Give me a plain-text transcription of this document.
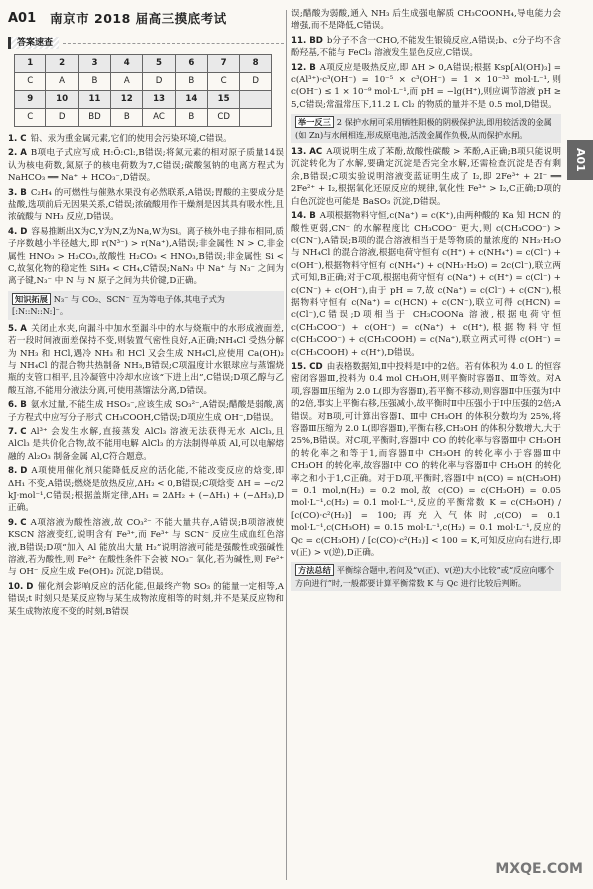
A01 南京市 2018 届高三摸底考试
答案速查
1	2	3	4	5	6	7	8
C	A	B	A	D	B	C	D
9	10	11	12	13	14	15	
C	D	BD	B	AC	B	CD	

1. C 铅、汞为重金属元素,它们的使用会污染环境,C错误。

2. A B项电子式应写成 H:Ö:Cl:,B错误;将氮元素的相对原子质量14误认为核电荷数,氮原子的核电荷数为7,C错误;碳酸氢钠的电离方程式为 NaHCO₃ ══ Na⁺ + HCO₃⁻,D错误。

3. B C₂H₄ 的可燃性与催熟水果没有必然联系,A错误;胃酸的主要成分是盐酸,选项前后无因果关系,C错误;浓硫酸用作干燥剂是因其具有吸水性,且浓硫酸与 NH₃ 反应,D错误。

4. D 容易推断出X为C,Y为N,Z为Na,W为Si。离子核外电子排布相同,质子序数越小半径越大,即 r(N³⁻) > r(Na⁺),A错误;非金属性 N > C,非金属性 HNO₃ > H₂CO₃,故酸性 H₂CO₃ < HNO₃,B错误;非金属性 Si < C,故氢化物的稳定性 SiH₄ < CH₄,C错误;NaN₃ 中 Na⁺ 与 N₃⁻ 之间为离子键,N₃⁻ 中 N 与 N 原子之间为共价键,D正确。

知识拓展 N₃⁻ 与 CO₂、SCN⁻ 互为等电子体,其电子式为 [:N::N::N:]⁻。

5. A 关闭止水夹,向漏斗中加水至漏斗中的水与烧瓶中的水形成液面差,若一段时间液面差保持不变,则装置气密性良好,A正确;NH₄Cl 受热分解为 NH₃ 和 HCl,遇冷 NH₃ 和 HCl 又会生成 NH₄Cl,应使用 Ca(OH)₂ 与 NH₄Cl 的混合物共热制备 NH₃,B错误;C项温度计水银球应与蒸馏烧瓶的支管口相平,且冷凝管中冷却水应该“下进上出”,C错误;D项乙醇与乙酸互溶,不能用分液法分离,可使用蒸馏法分离,D错误。

6. B 氨水过量,不能生成 HSO₃⁻,应该生成 SO₃²⁻,A错误;醋酸是弱酸,离子方程式中应写分子形式 CH₃COOH,C错误;D项应生成 OH⁻,D错误。

7. C Al³⁺ 会发生水解,直接蒸发 AlCl₃ 溶液无法获得无水 AlCl₃,且 AlCl₃ 是共价化合物,故不能用电解 AlCl₃ 的方法制得单质 Al,可以电解熔融的 Al₂O₃ 制备金属 Al,C符合题意。

8. D A项使用催化剂只能降低反应的活化能,不能改变反应的焓变,即 ΔH₁ 不变,A错误;燃烧是放热反应,ΔH₂ < 0,B错误;C项焓变 ΔH = −c/2 kJ·mol⁻¹,C错误;根据盖斯定律,ΔH₁ = 2ΔH₂ + (−ΔH₁) + (−ΔH₃),D正确。

9. C A项溶液为酸性溶液,故 CO₃²⁻ 不能大量共存,A错误;B项溶液使 KSCN 溶液变红,说明含有 Fe³⁺,而 Fe³⁺ 与 SCN⁻ 反应生成血红色溶液,B错误;D项“加入 Al 能放出大量 H₂”说明溶液可能是强酸性或强碱性溶液,若为酸性,则 Fe²⁺ 在酸性条件下会被 NO₃⁻ 氧化,若为碱性,则 Fe²⁺ 与 OH⁻ 反应生成 Fe(OH)₂ 沉淀,D错误。

10. D 催化剂会影响反应的活化能,但最终产物 SO₃ 的能量一定相等,A错误;t 时刻只是某反应物与某生成物浓度相等的时刻,并不是某反应物和某生成物浓度不变的时刻,B错误

误;醋酸为弱酸,通入 NH₃ 后生成强电解质 CH₃COONH₄,导电能力会增强,而不是降低,C错误。

11. BD b分子不含一CHO,不能发生银镜反应,A错误;b、c分子均不含酚羟基,不能与 FeCl₃ 溶液发生显色反应,C错误。

12. B A项反应是吸热反应,即 ΔH > 0,A错误;根据 Ksp[Al(OH)₃] = c(Al³⁺)·c³(OH⁻) = 10⁻⁵ × c³(OH⁻) = 1 × 10⁻³³ mol·L⁻¹,则 c(OH⁻) ≤ 1 × 10⁻⁹ mol·L⁻¹,而 pH = −lg(H⁺),则应调节溶液 pH ≥ 5,C错误;常温常压下,11.2 L Cl₂ 的物质的量并不是 0.5 mol,D错误。

举一反三 2 保护水闸可采用牺牲阳极的阴极保护法,即用较活泼的金属(如 Zn)与水闸相连,形成原电池,活泼金属作负极,从而保护水闸。

13. AC A项说明生成了苯酚,故酸性碳酸 > 苯酚,A正确;B项只能说明沉淀转化为了水解,要确定沉淀是否完全水解,还需检查沉淀是否有剩余,B错误;C项实验说明溶液变蓝证明生成了 I₂,即 2Fe³⁺ + 2I⁻ ══ 2Fe²⁺ + I₂,根据氧化还原反应的规律,氧化性 Fe³⁺ > I₂,C正确;D项的白色沉淀也可能是 BaSO₃ 沉淀,D错误。

14. B A项根据物料守恒,c(Na⁺) = c(K⁺),由两种酸的 Ka 知 HCN 的酸性更弱,CN⁻ 的水解程度比 CH₃COO⁻ 更大,则 c(CH₃COO⁻) > c(CN⁻),A错误;B项的混合溶液相当于是等物质的量浓度的 NH₃·H₂O 与 NH₄Cl 的混合溶液,根据电荷守恒有 c(H⁺) + c(NH₄⁺) = c(Cl⁻) + c(OH⁻),根据物料守恒有 c(NH₄⁺) + c(NH₃·H₂O) = 2c(Cl⁻),联立两式可知,B正确;对于C项,根据电荷守恒有 c(Na⁺) + c(H⁺) = c(Cl⁻) + c(CN⁻) + c(OH⁻),由于 pH = 7,故 c(Na⁺) = c(Cl⁻) + c(CN⁻),根据物料守恒有 c(Na⁺) = c(HCN) + c(CN⁻),联立可得 c(HCN) = c(Cl⁻),C错误;D项相当于 CH₃COONa 溶液,根据电荷守恒 c(CH₃COO⁻) + c(OH⁻) = c(Na⁺) + c(H⁺),根据物料守恒 c(CH₃COO⁻) + c(CH₃COOH) = c(Na⁺),联立两式可得 c(OH⁻) = c(CH₃COOH) + c(H⁺),D错误。

15. CD 由表格数据知,Ⅱ中投料是Ⅰ中的2倍。若有体积为 4.0 L 的恒容密闭容器Ⅲ,投料为 0.4 mol CH₃OH,则平衡时容器Ⅱ、Ⅲ等效。对A项,容器Ⅲ压缩为 2.0 L(即为容器Ⅱ),若平衡不移动,则容器Ⅱ中压强为Ⅰ中的2倍,事实上平衡右移,压强减小,故平衡时Ⅱ中压强小于Ⅰ中压强的2倍;A错误。对B项,可计算出容器Ⅰ、Ⅲ中 CH₃OH 的体积分数均为 25%,将容器Ⅲ压缩为 2.0 L(即容器Ⅱ),平衡右移,CH₃OH 的体积分数增大,大于 25%,B错误。对C项,平衡时,容器Ⅰ中 CO 的转化率与容器Ⅲ中 CH₃OH 的转化率之和等于1,而容器Ⅱ中 CH₃OH 的转化率小于容器Ⅲ中 CH₃OH 的转化率,故容器Ⅰ中 CO 的转化率与容器Ⅱ中 CH₃OH 的转化率之和小于1,C正确。对于D项,平衡时,容器Ⅰ中 n(CO) = n(CH₃OH) = 0.1 mol,n(H₂) = 0.2 mol,故 c(CO) = c(CH₃OH) = 0.05 mol·L⁻¹,c(H₂) = 0.1 mol·L⁻¹,反应的平衡常数 K = c(CH₃OH) / [c(CO)·c²(H₂)] = 100;再充入气体时,c(CO) = 0.1 mol·L⁻¹,c(CH₃OH) = 0.15 mol·L⁻¹,c(H₂) = 0.1 mol·L⁻¹,反应的 Qc = c(CH₃OH) / [c(CO)·c²(H₂)] < 100 = K,可知反应向右进行,即 v(正) > v(逆),D正确。

方法总结 平衡综合题中,若问及“v(正)、v(逆)大小比较”或“反应向哪个方向进行”时,一般都要计算平衡常数 K 与 Qc 进行比较后判断。
A01
MXQE.COM
